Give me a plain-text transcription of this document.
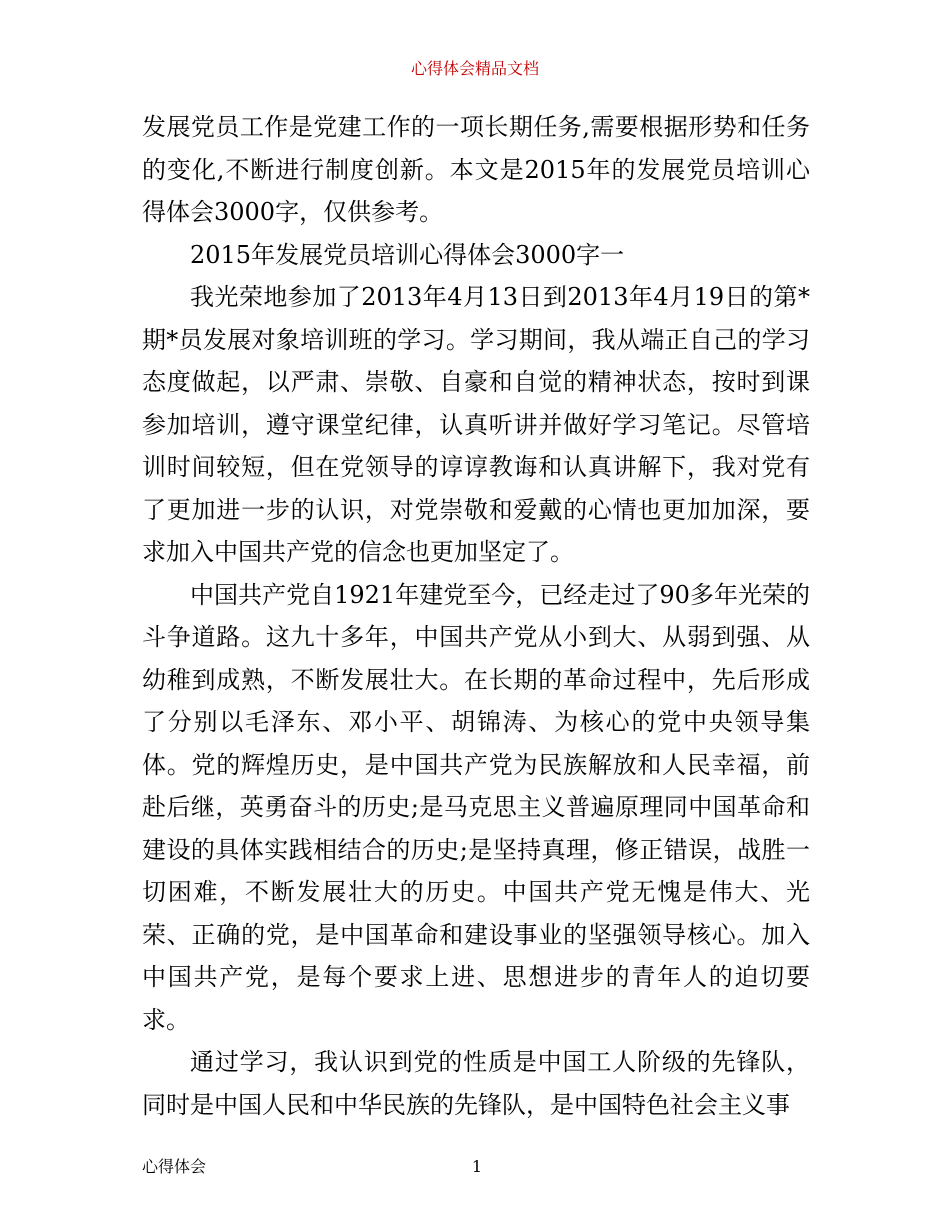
心得体会精品文档

发展党员工作是党建工作的一项长期任务,需要根据形势和任务的变化,不断进行制度创新。本文是2015年的发展党员培训心得体会3000字，仅供参考。

2015年发展党员培训心得体会3000字一

我光荣地参加了2013年4月13日到2013年4月19日的第*期*员发展对象培训班的学习。学习期间，我从端正自己的学习态度做起，以严肃、崇敬、自豪和自觉的精神状态，按时到课参加培训，遵守课堂纪律，认真听讲并做好学习笔记。尽管培训时间较短，但在党领导的谆谆教诲和认真讲解下，我对党有了更加进一步的认识，对党崇敬和爱戴的心情也更加加深，要求加入中国共产党的信念也更加坚定了。

中国共产党自1921年建党至今，已经走过了90多年光荣的斗争道路。这九十多年，中国共产党从小到大、从弱到强、从幼稚到成熟，不断发展壮大。在长期的革命过程中，先后形成了分别以毛泽东、邓小平、胡锦涛、为核心的党中央领导集体。党的辉煌历史，是中国共产党为民族解放和人民幸福，前赴后继，英勇奋斗的历史;是马克思主义普遍原理同中国革命和建设的具体实践相结合的历史;是坚持真理，修正错误，战胜一切困难，不断发展壮大的历史。中国共产党无愧是伟大、光荣、正确的党，是中国革命和建设事业的坚强领导核心。加入中国共产党，是每个要求上进、思想进步的青年人的迫切要求。

通过学习，我认识到党的性质是中国工人阶级的先锋队，同时是中国人民和中华民族的先锋队，是中国特色社会主义事

心得体会	1
